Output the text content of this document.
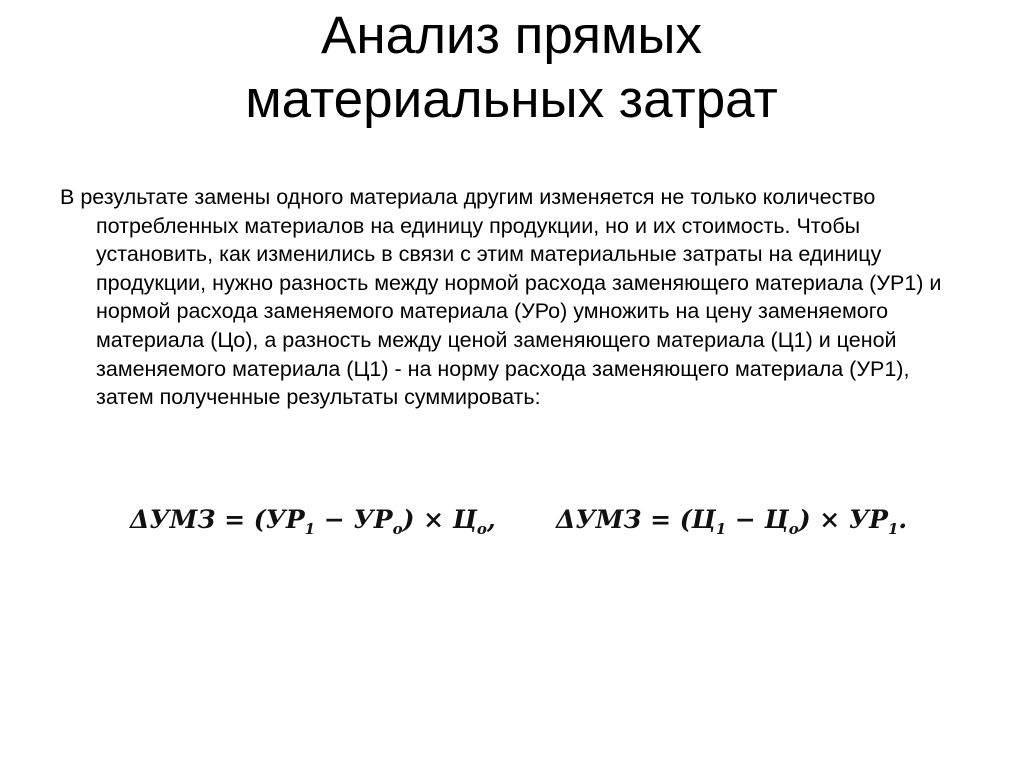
Анализ прямых
материальных затрат

В результате замены одного материала другим изменяется не только количество потребленных материалов на единицу продукции, но и их стоимость. Чтобы установить, как изменились в связи с этим материальные затраты на единицу продукции, нужно разность между нормой расхода заменяющего материала (УР1) и нормой расхода заменяемого материала (УРо) умножить на цену заменяемого материала (Цо), а разность между ценой заменяющего материала (Ц1) и ценой заменяемого материала (Ц1) - на норму расхода заменяющего материала (УР1), затем полученные результаты суммировать:

$\Delta УМЗ = (УР_1 - УР_o) \times Ц_o$, $\Delta УМЗ = (Ц_1 - Ц_o) \times УР_1$.
